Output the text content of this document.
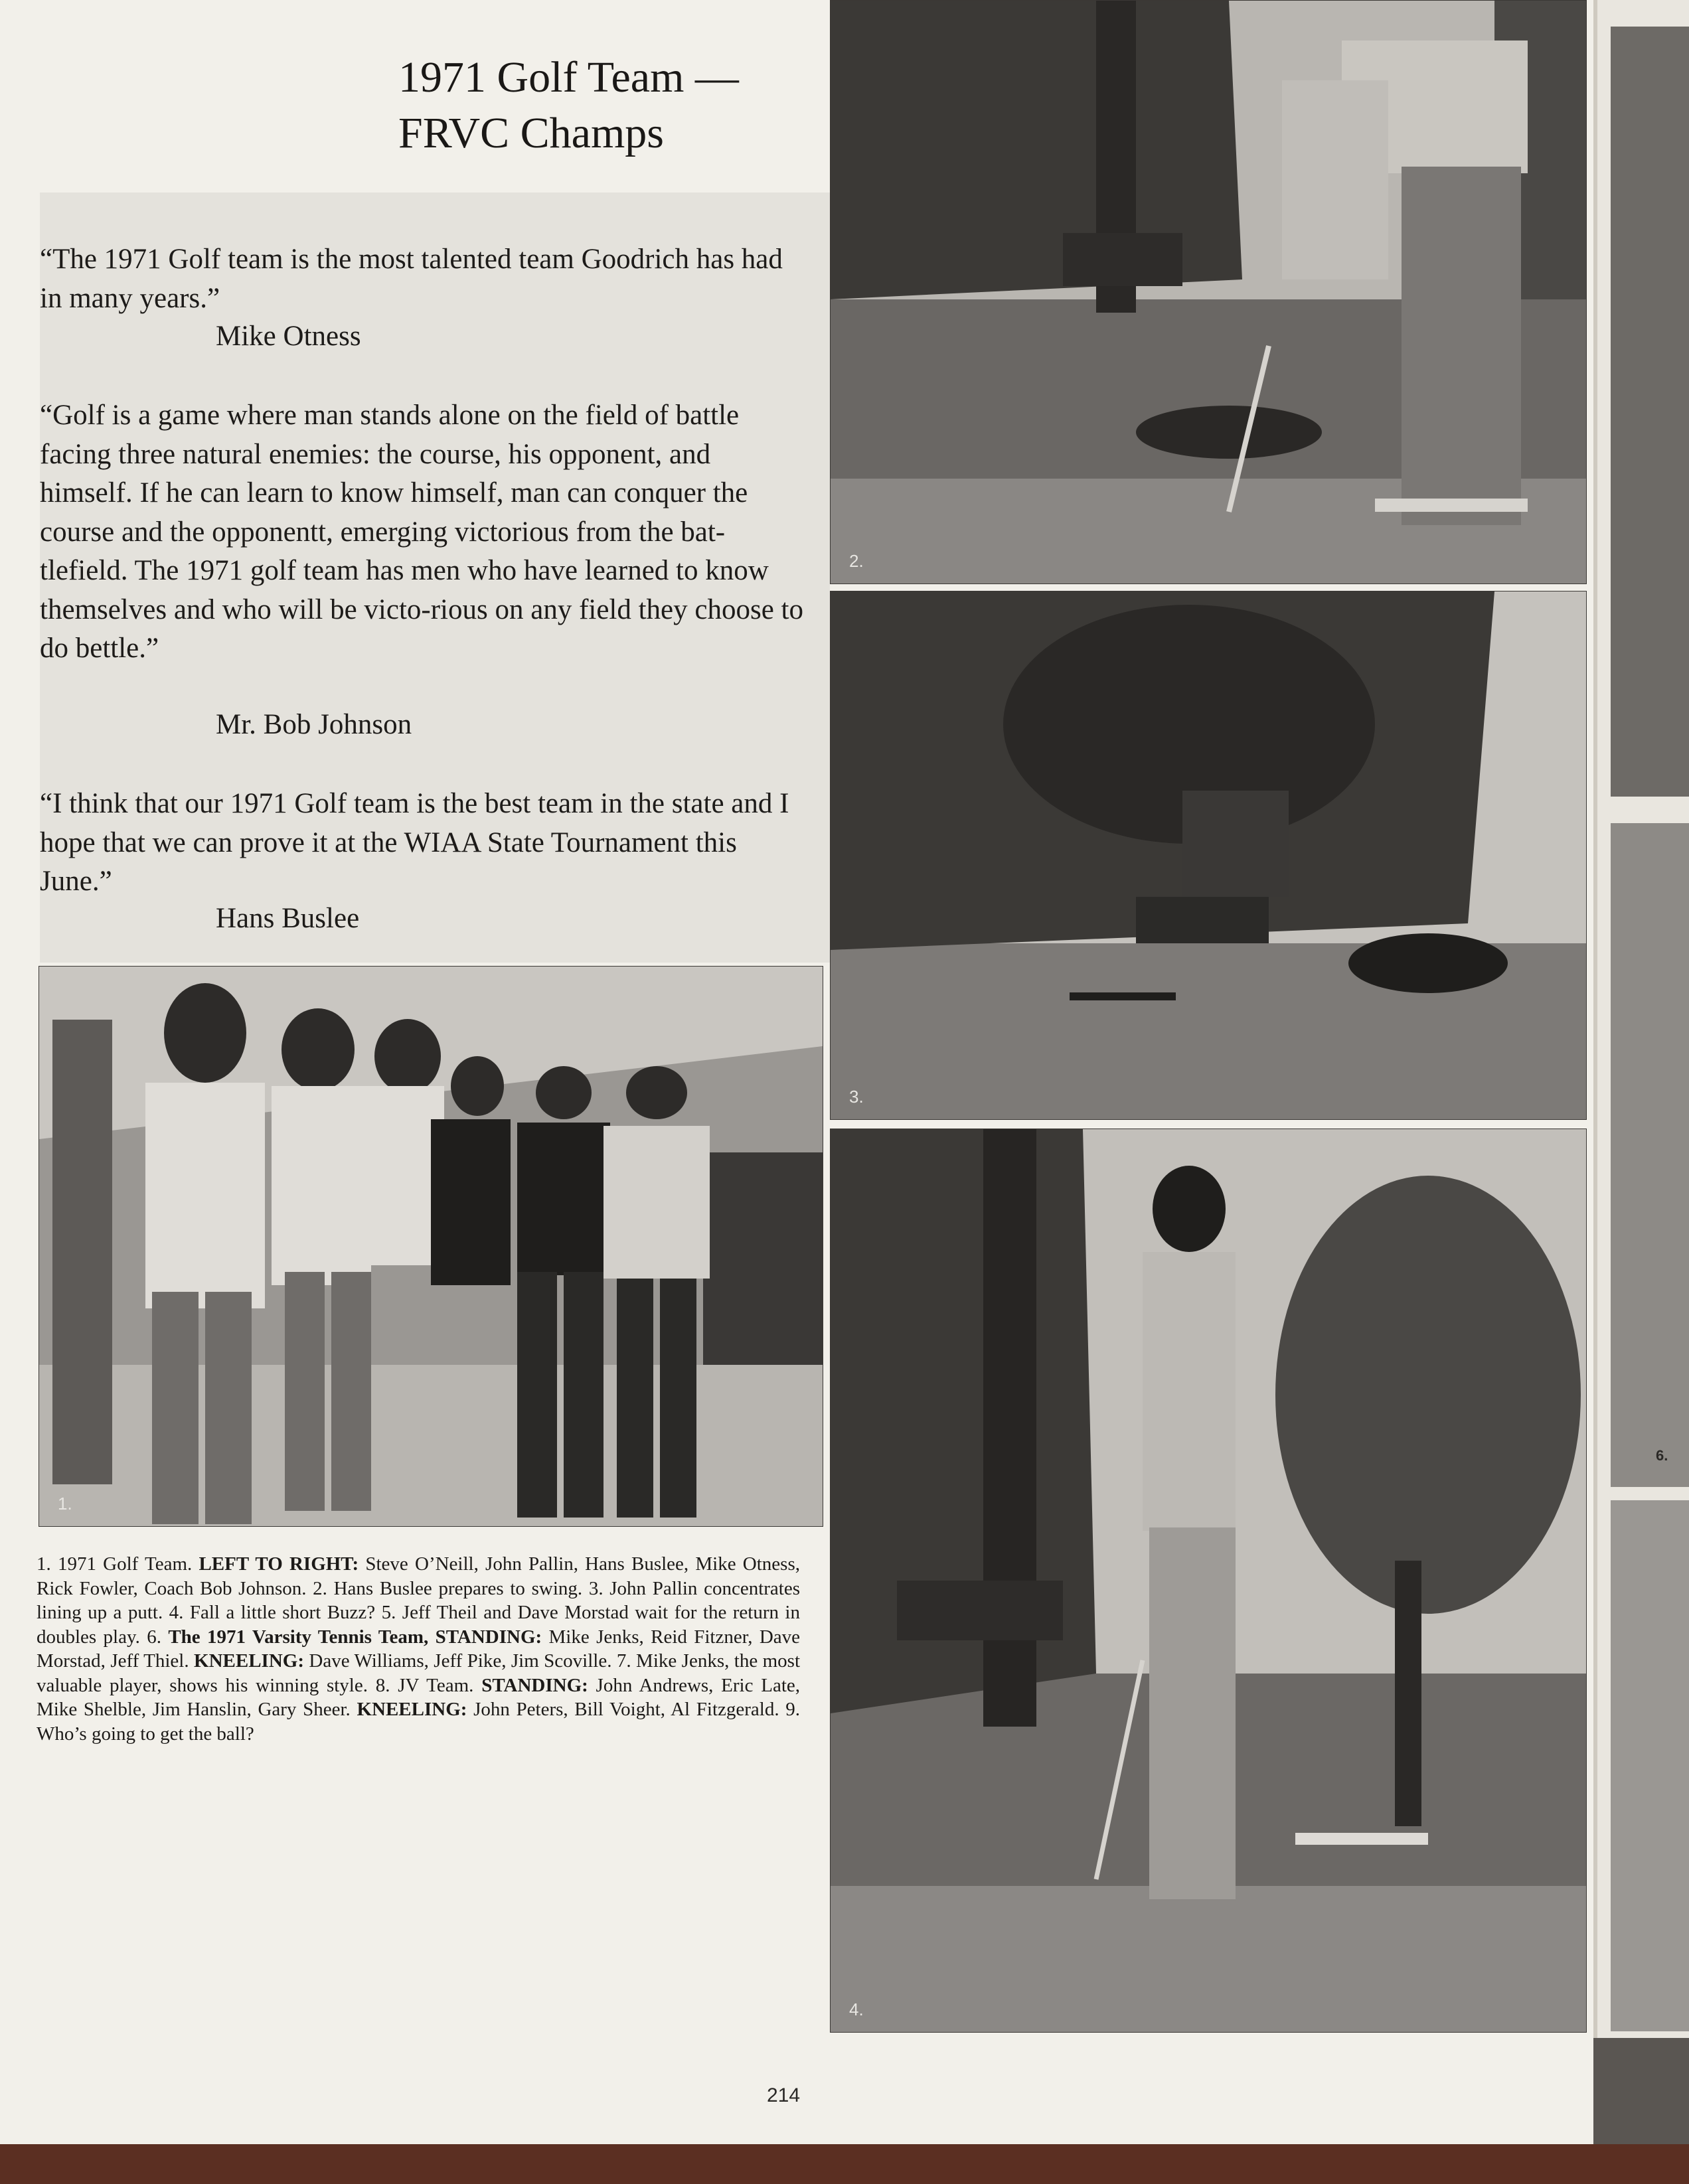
1971 Golf Team —
FRVC Champs

“The 1971 Golf team is the most talented team Goodrich has had in many years.”

Mike Otness

“Golf is a game where man stands alone on the field of battle facing three natural enemies: the course, his opponent, and himself. If he can learn to know himself, man can conquer the course and the opponentt, emerging victorious from the bat-tlefield. The 1971 golf team has men who have learned to know themselves and who will be victo-rious on any field they choose to do bettle.”

Mr. Bob Johnson

“I think that our 1971 Golf team is the best team in the state and I hope that we can prove it at the WIAA State Tournament this June.”

Hans Buslee
1.
2.
3.
4.

1. 1971 Golf Team. LEFT TO RIGHT: Steve O’Neill, John Pallin, Hans Buslee, Mike Otness, Rick Fowler, Coach Bob Johnson. 2. Hans Buslee prepares to swing. 3. John Pallin concentrates lining up a putt. 4. Fall a little short Buzz? 5. Jeff Theil and Dave Morstad wait for the return in doubles play. 6. The 1971 Varsity Tennis Team, STANDING: Mike Jenks, Reid Fitzner, Dave Morstad, Jeff Thiel. KNEELING: Dave Williams, Jeff Pike, Jim Scoville. 7. Mike Jenks, the most valuable player, shows his winning style. 8. JV Team. STANDING: John Andrews, Eric Late, Mike Shelble, Jim Hanslin, Gary Sheer. KNEELING: John Peters, Bill Voight, Al Fitzgerald. 9. Who’s going to get the ball?

214
6.
